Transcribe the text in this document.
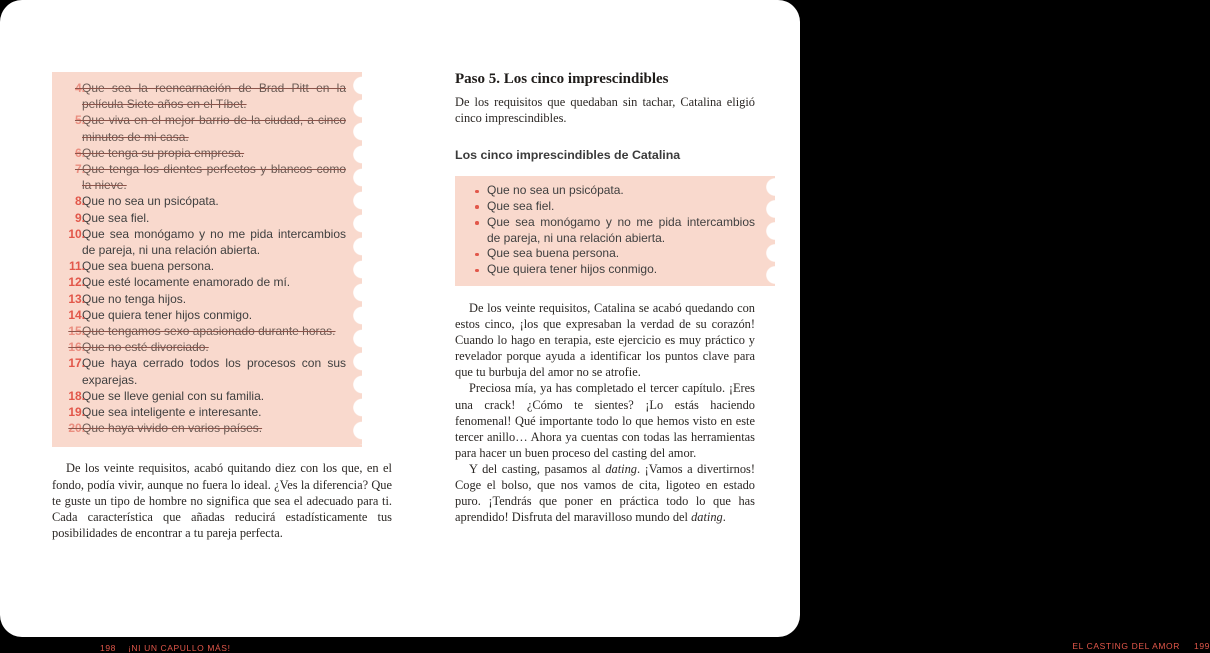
4.
Que sea la reencarnación de Brad Pitt en la película Siete años en el Tíbet.
5.
Que viva en el mejor barrio de la ciudad, a cinco minutos de mi casa.
6.
Que tenga su propia empresa.
7.
Que tenga los dientes perfectos y blancos como la nieve.
8.
Que no sea un psicópata.
9.
Que sea fiel.
10.
Que sea monógamo y no me pida intercambios de pareja, ni una relación abierta.
11.
Que sea buena persona.
12.
Que esté locamente enamorado de mí.
13.
Que no tenga hijos.
14.
Que quiera tener hijos conmigo.
15.
Que tengamos sexo apasionado durante horas.
16.
Que no esté divorciado.
17.
Que haya cerrado todos los procesos con sus exparejas.
18.
Que se lleve genial con su familia.
19.
Que sea inteligente e interesante.
20.
Que haya vivido en varios países.

De los veinte requisitos, acabó quitando diez con los que, en el fondo, podía vivir, aunque no fuera lo ideal. ¿Ves la diferencia? Que te guste un tipo de hombre no significa que sea el adecuado para ti. Cada característica que añadas reducirá estadísticamente tus posibilidades de encontrar a tu pareja perfecta.

198 ¡NI UN CAPULLO MÁS!
Paso 5. Los cinco imprescindibles

De los requisitos que quedaban sin tachar, Catalina eligió cinco imprescindibles.

Los cinco imprescindibles de Catalina
Que no sea un psicópata.
Que sea fiel.
Que sea monógamo y no me pida intercambios de pareja, ni una relación abierta.
Que sea buena persona.
Que quiera tener hijos conmigo.

De los veinte requisitos, Catalina se acabó quedando con estos cinco, ¡los que expresaban la verdad de su corazón! Cuando lo hago en terapia, este ejercicio es muy práctico y revelador porque ayuda a identificar los puntos clave para que tu burbuja del amor no se atrofie.

Preciosa mía, ya has completado el tercer capítulo. ¡Eres una crack! ¿Cómo te sientes? ¡Lo estás haciendo fenomenal! Qué importante todo lo que hemos visto en este tercer anillo… Ahora ya cuentas con todas las herramientas para hacer un buen proceso del casting del amor.

Y del casting, pasamos al dating. ¡Vamos a divertirnos! Coge el bolso, que nos vamos de cita, ligoteo en estado puro. ¡Tendrás que poner en práctica todo lo que has aprendido! Disfruta del maravilloso mundo del dating.

EL CASTING DEL AMOR 199
